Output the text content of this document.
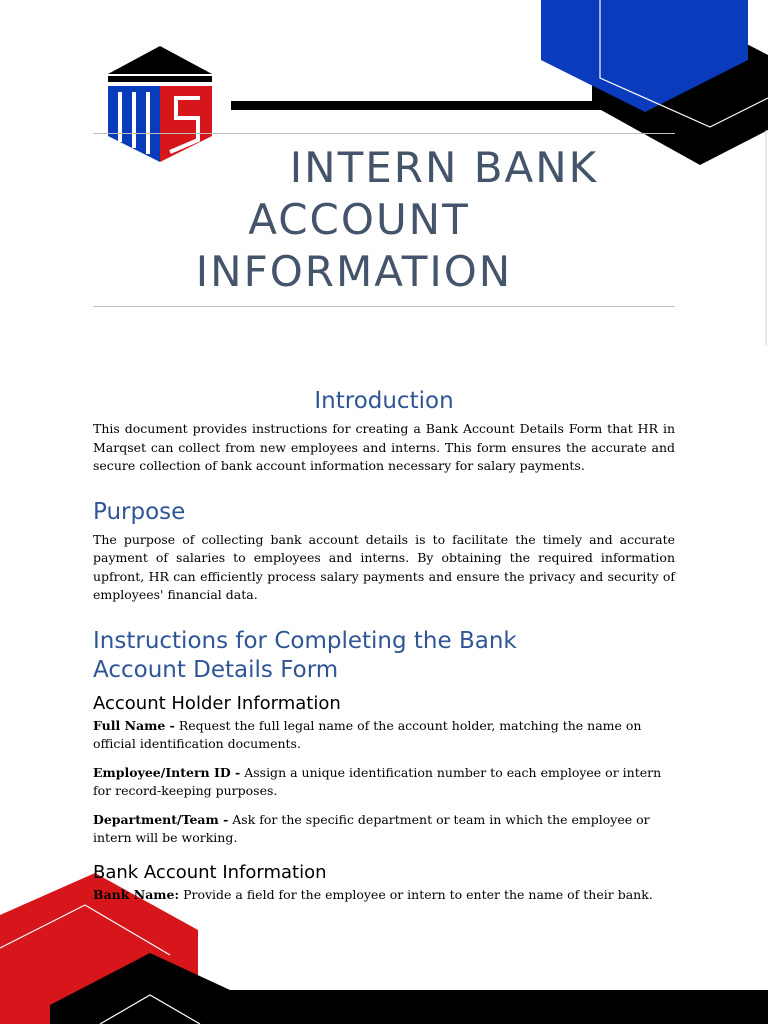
INTERN BANK
ACCOUNT
INFORMATION
Introduction

This document provides instructions for creating a Bank Account Details Form that HR in Marqset can collect from new employees and interns. This form ensures the accurate and secure collection of bank account information necessary for salary payments.

Purpose

The purpose of collecting bank account details is to facilitate the timely and accurate payment of salaries to employees and interns. By obtaining the required information upfront, HR can efficiently process salary payments and ensure the privacy and security of employees' financial data.

Instructions for Completing the Bank Account Details Form
Account Holder Information

Full Name - Request the full legal name of the account holder, matching the name on official identification documents.

Employee/Intern ID - Assign a unique identification number to each employee or intern for record-keeping purposes.

Department/Team - Ask for the specific department or team in which the employee or intern will be working.

Bank Account Information

Bank Name: Provide a field for the employee or intern to enter the name of their bank.
